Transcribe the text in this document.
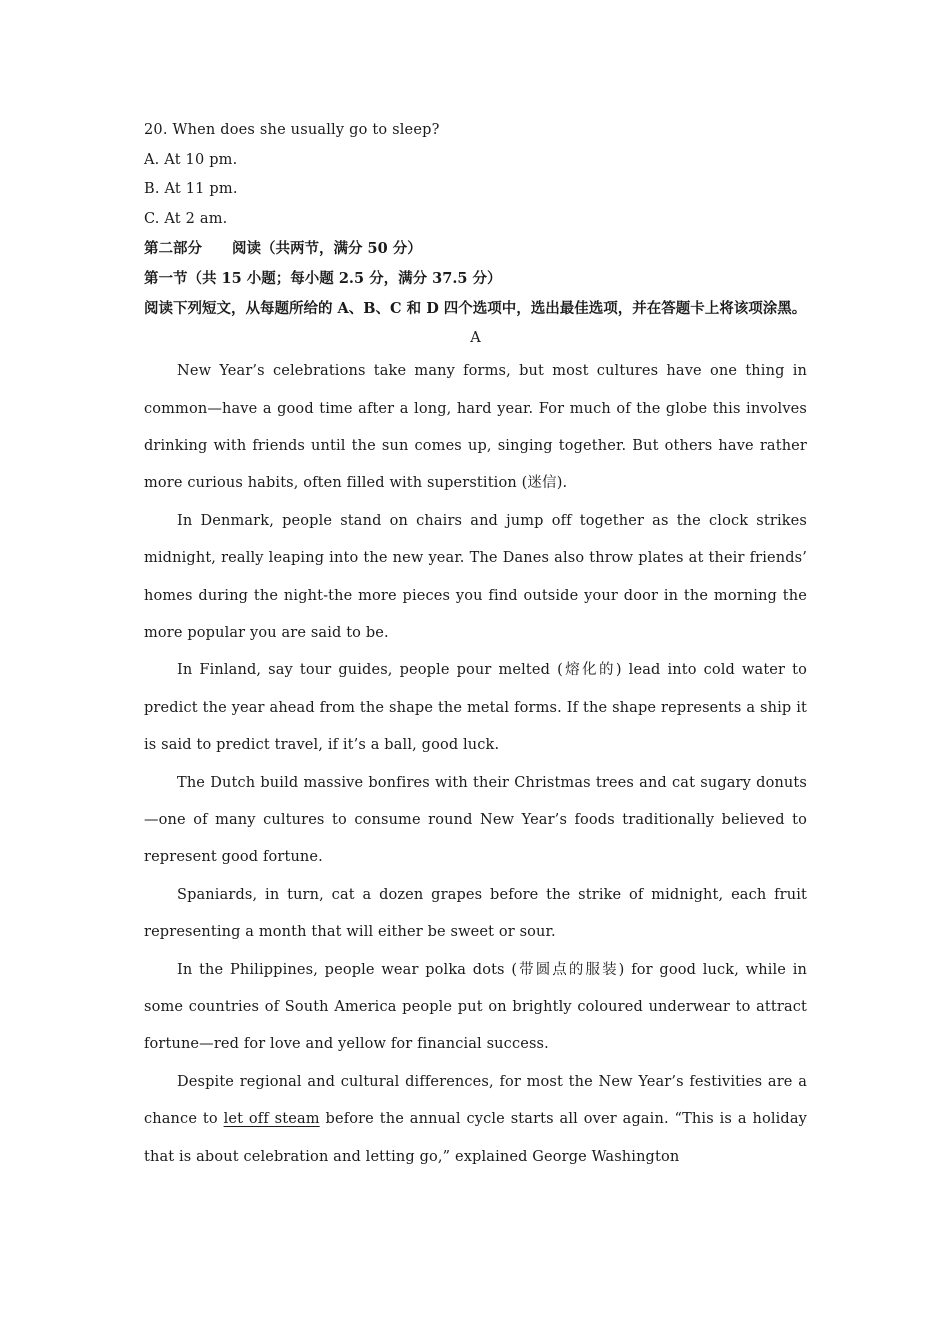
20. When does she usually go to sleep?
A. At 10 pm.
B. At 11 pm.
C. At 2 am.
第二部分 阅读（共两节，满分 50 分）
第一节（共 15 小题；每小题 2.5 分，满分 37.5 分）
阅读下列短文，从每题所给的 A、B、C 和 D 四个选项中，选出最佳选项，并在答题卡上将该项涂黑。
A

New Year’s celebrations take many forms, but most cultures have one thing in common—have a good time after a long, hard year. For much of the globe this involves drinking with friends until the sun comes up, singing together. But others have rather more curious habits, often filled with superstition (迷信).

In Denmark, people stand on chairs and jump off together as the clock strikes midnight, really leaping into the new year. The Danes also throw plates at their friends’ homes during the night-the more pieces you find outside your door in the morning the more popular you are said to be.

In Finland, say tour guides, people pour melted (熔化的) lead into cold water to predict the year ahead from the shape the metal forms. If the shape represents a ship it is said to predict travel, if it’s a ball, good luck.

The Dutch build massive bonfires with their Christmas trees and cat sugary donuts—one of many cultures to consume round New Year’s foods traditionally believed to represent good fortune.

Spaniards, in turn, cat a dozen grapes before the strike of midnight, each fruit representing a month that will either be sweet or sour.

In the Philippines, people wear polka dots (带圆点的服装) for good luck, while in some countries of South America people put on brightly coloured underwear to attract fortune—red for love and yellow for financial success.

Despite regional and cultural differences, for most the New Year’s festivities are a chance to let off steam before the annual cycle starts all over again. “This is a holiday that is about celebration and letting go,” explained George Washington
